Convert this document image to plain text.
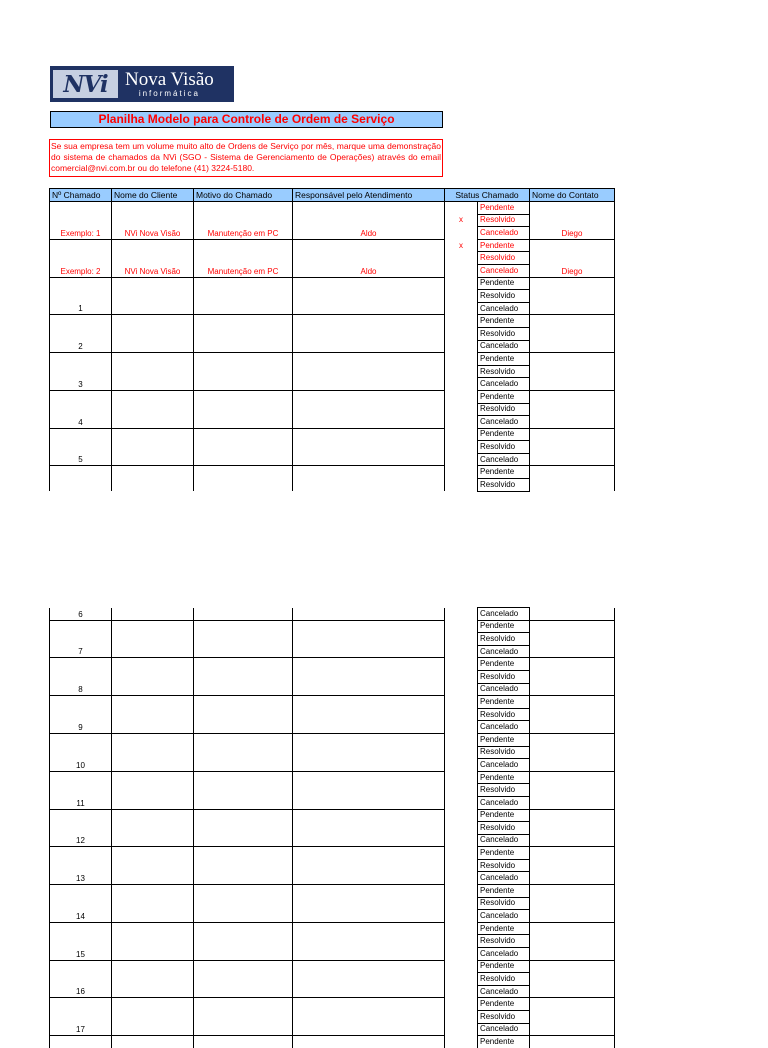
NVi Nova Visão
informática
Planilha Modelo para Controle de Ordem de Serviço
Se sua empresa tem um volume muito alto de Ordens de Serviço por mês, marque uma demonstração do sistema de chamados da NVi (SGO - Sistema de Gerenciamento de Operações) através do email comercial@nvi.com.br ou do telefone (41) 3224-5180.
Nº Chamado	Nome do Cliente	Motivo do Chamado	Responsável pelo Atendimento	Status Chamado		Nome do Contato
Exemplo: 1	NVi Nova Visão	Manutenção em PC	Aldo		Pendente	Diego
				x	Resolvido	
					Cancelado	
Exemplo: 2	NVi Nova Visão	Manutenção em PC	Aldo	x	Pendente	Diego
					Resolvido	
					Cancelado	
1					Pendente	
					Resolvido	
					Cancelado	
2					Pendente	
					Resolvido	
					Cancelado	
3					Pendente	
					Resolvido	
					Cancelado	
4					Pendente	
					Resolvido	
					Cancelado	
5					Pendente	
					Resolvido	
					Cancelado	
					Pendente	
					Resolvido	
6					Cancelado	
7					Pendente	
					Resolvido	
					Cancelado	
8					Pendente	
					Resolvido	
					Cancelado	
9					Pendente	
					Resolvido	
					Cancelado	
10					Pendente	
					Resolvido	
					Cancelado	
11					Pendente	
					Resolvido	
					Cancelado	
12					Pendente	
					Resolvido	
					Cancelado	
13					Pendente	
					Resolvido	
					Cancelado	
14					Pendente	
					Resolvido	
					Cancelado	
15					Pendente	
					Resolvido	
					Cancelado	
16					Pendente	
					Resolvido	
					Cancelado	
17					Pendente	
					Resolvido	
					Cancelado	
					Pendente	
